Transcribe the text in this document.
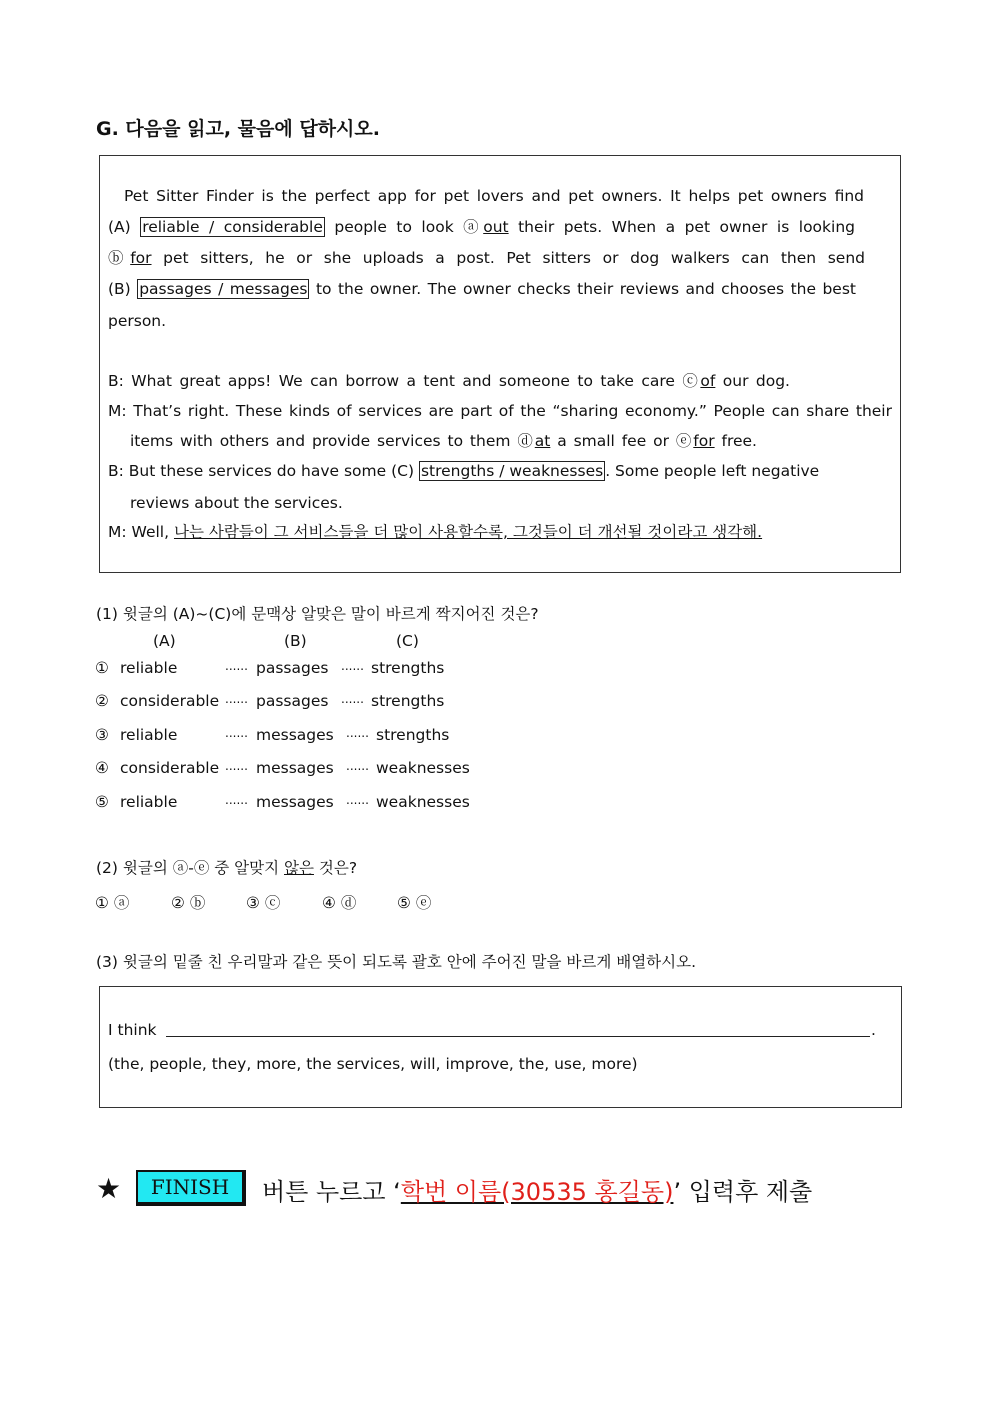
G. 다음을 읽고, 물음에 답하시오.
Pet Sitter Finder is the perfect app for pet lovers and pet owners. It helps pet owners find
(A) reliable / considerable people to look ⓐout their pets. When a pet owner is looking
ⓑfor pet sitters, he or she uploads a post. Pet sitters or dog walkers can then send
(B) passages / messages to the owner. The owner checks their reviews and chooses the best
person.
B: What great apps! We can borrow a tent and someone to take care ⓒof our dog.
M: That’s right. These kinds of services are part of the “sharing economy.” People can share their
items with others and provide services to them ⓓat a small fee or ⓔfor free.
B: But these services do have some (C) strengths / weaknesses . Some people left negative
reviews about the services.
M: Well, 나는 사람들이 그 서비스들을 더 많이 사용할수록, 그것들이 더 개선될 것이라고 생각해.
(1) 윗글의 (A)~(C)에 문맥상 알맞은 말이 바르게 짝지어진 것은?
(A)	(B)	(C)
① reliable	...... passages ...... strengths
② considerable ...... passages ...... strengths
③ reliable	...... messages ...... strengths
④ considerable ...... messages ...... weaknesses
⑤ reliable	...... messages ...... weaknesses
(2) 윗글의 ⓐ-ⓔ 중 알맞지 않은 것은?
① ⓐ	② ⓑ	③ ⓒ	④ ⓓ	⑤ ⓔ
(3) 윗글의 밑줄 친 우리말과 같은 뜻이 되도록 괄호 안에 주어진 말을 바르게 배열하시오.
I think	.
(the, people, they, more, the services, will, improve, the, use, more)
★	FINISH	버튼 누르고 ‘학번 이름(30535 홍길동)’ 입력후 제출
